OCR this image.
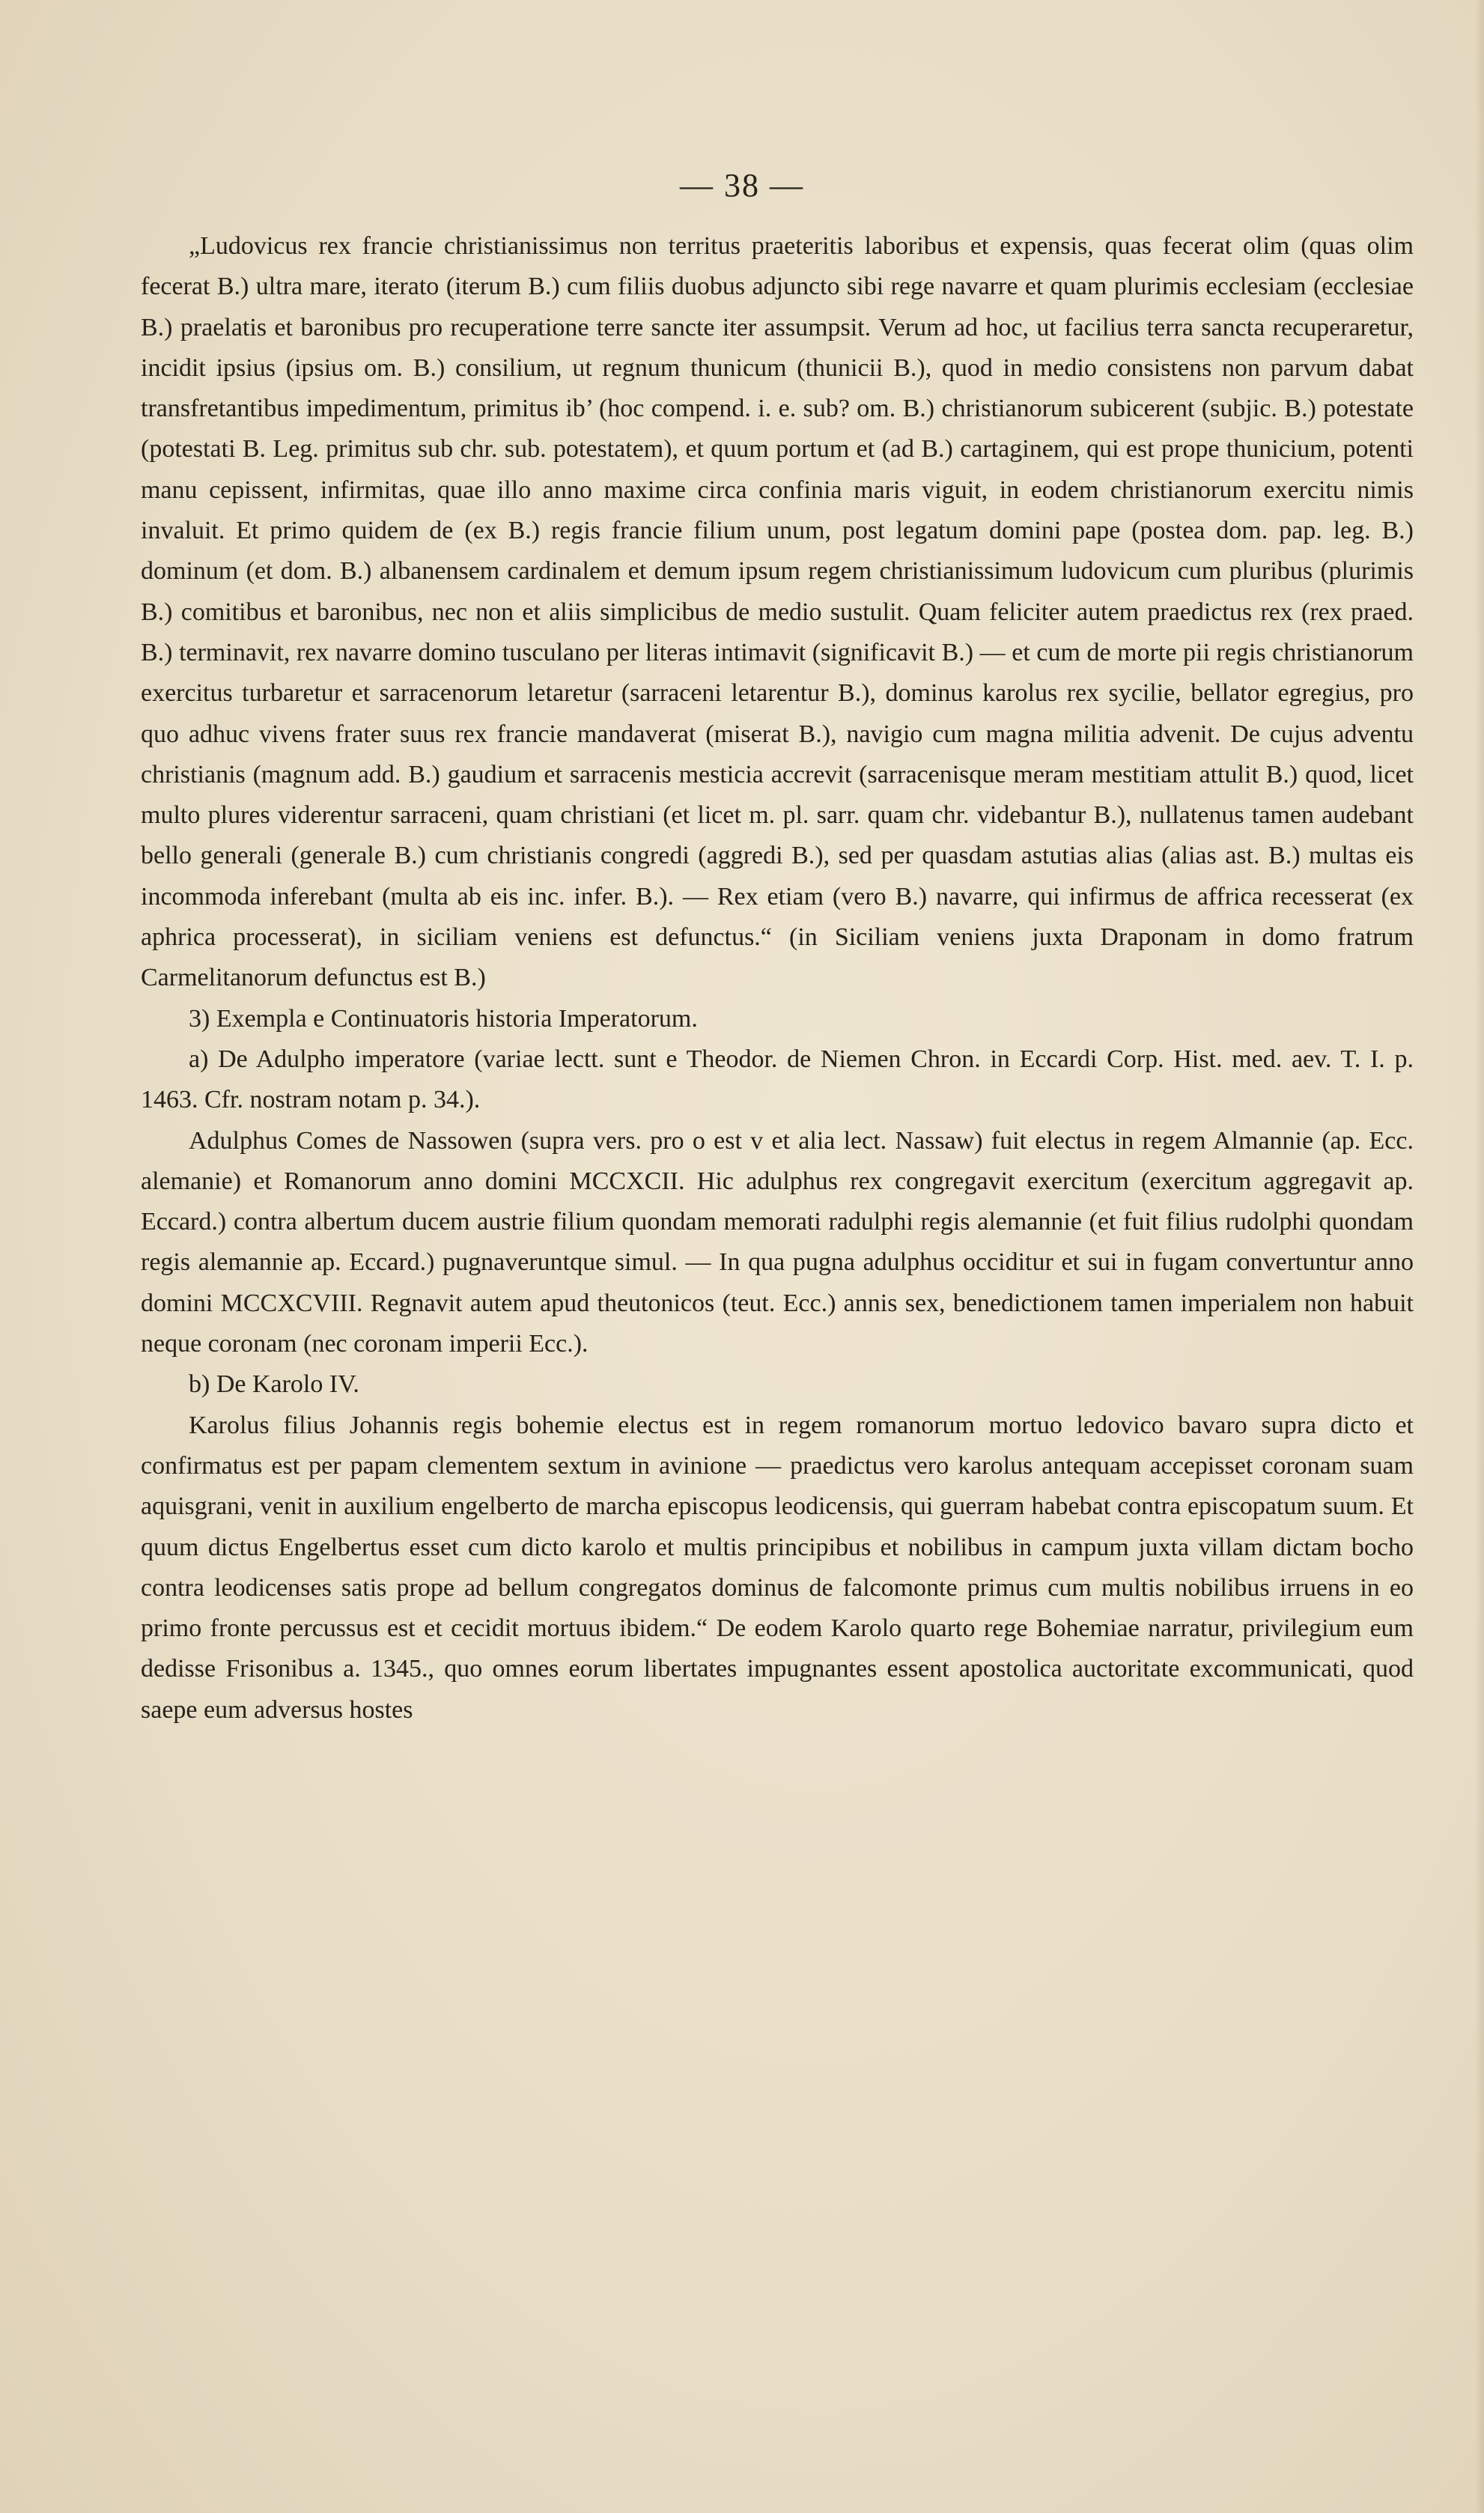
— 38 —

„Ludovicus rex francie christianissimus non territus praeteritis laboribus et expensis, quas fecerat olim (quas olim fecerat B.) ultra mare, iterato (iterum B.) cum filiis duobus adjuncto sibi rege navarre et quam plurimis ecclesiam (ecclesiae B.) praelatis et baronibus pro recuperatione terre sancte iter assumpsit. Verum ad hoc, ut facilius terra sancta recuperaretur, incidit ipsius (ipsius om. B.) consilium, ut regnum thunicum (thunicii B.), quod in medio consistens non parvum dabat transfretantibus impedimentum, primitus ib’ (hoc compend. i. e. sub? om. B.) christianorum subicerent (subjic. B.) potestate (potestati B. Leg. primitus sub chr. sub. potestatem), et quum portum et (ad B.) cartaginem, qui est prope thunicium, potenti manu cepissent, infirmitas, quae illo anno maxime circa confinia maris viguit, in eodem christianorum exercitu nimis invaluit. Et primo quidem de (ex B.) regis francie filium unum, post legatum domini pape (postea dom. pap. leg. B.) dominum (et dom. B.) albanensem cardinalem et demum ipsum regem christianissimum ludovicum cum pluribus (plurimis B.) comitibus et baronibus, nec non et aliis simplicibus de medio sustulit. Quam feliciter autem praedictus rex (rex praed. B.) terminavit, rex navarre domino tusculano per literas intimavit (significavit B.) — et cum de morte pii regis christianorum exercitus turbaretur et sarracenorum letaretur (sarraceni letarentur B.), dominus karolus rex sycilie, bellator egregius, pro quo adhuc vivens frater suus rex francie mandaverat (miserat B.), navigio cum magna militia advenit. De cujus adventu christianis (magnum add. B.) gaudium et sarracenis mesticia accrevit (sarracenisque meram mestitiam attulit B.) quod, licet multo plures viderentur sarraceni, quam christiani (et licet m. pl. sarr. quam chr. videbantur B.), nullatenus tamen audebant bello generali (generale B.) cum christianis congredi (aggredi B.), sed per quasdam astutias alias (alias ast. B.) multas eis incommoda inferebant (multa ab eis inc. infer. B.). — Rex etiam (vero B.) navarre, qui infirmus de affrica recesserat (ex aphrica processerat), in siciliam veniens est defunctus.“ (in Siciliam veniens juxta Draponam in domo fratrum Carmelitanorum defunctus est B.)

3) Exempla e Continuatoris historia Imperatorum.

a) De Adulpho imperatore (variae lectt. sunt e Theodor. de Niemen Chron. in Eccardi Corp. Hist. med. aev. T. I. p. 1463. Cfr. nostram notam p. 34.).

Adulphus Comes de Nassowen (supra vers. pro o est v et alia lect. Nassaw) fuit electus in regem Almannie (ap. Ecc. alemanie) et Romanorum anno domini MCCXCII. Hic adulphus rex congregavit exercitum (exercitum aggregavit ap. Eccard.) contra albertum ducem austrie filium quondam memorati radulphi regis alemannie (et fuit filius rudolphi quondam regis alemannie ap. Eccard.) pugnaveruntque simul. — In qua pugna adulphus occiditur et sui in fugam convertuntur anno domini MCCXCVIII. Regnavit autem apud theutonicos (teut. Ecc.) annis sex, benedictionem tamen imperialem non habuit neque coronam (nec coronam imperii Ecc.).

b) De Karolo IV.

Karolus filius Johannis regis bohemie electus est in regem romanorum mortuo ledovico bavaro supra dicto et confirmatus est per papam clementem sextum in avinione — praedictus vero karolus antequam accepisset coronam suam aquisgrani, venit in auxilium engelberto de marcha episcopus leodicensis, qui guerram habebat contra episcopatum suum. Et quum dictus Engelbertus esset cum dicto karolo et multis principibus et nobilibus in campum juxta villam dictam bocho contra leodicenses satis prope ad bellum congregatos dominus de falcomonte primus cum multis nobilibus irruens in eo primo fronte percussus est et cecidit mortuus ibidem.“ De eodem Karolo quarto rege Bohemiae narratur, privilegium eum dedisse Frisonibus a. 1345., quo omnes eorum libertates impugnantes essent apostolica auctoritate excommunicati, quod saepe eum adversus hostes
